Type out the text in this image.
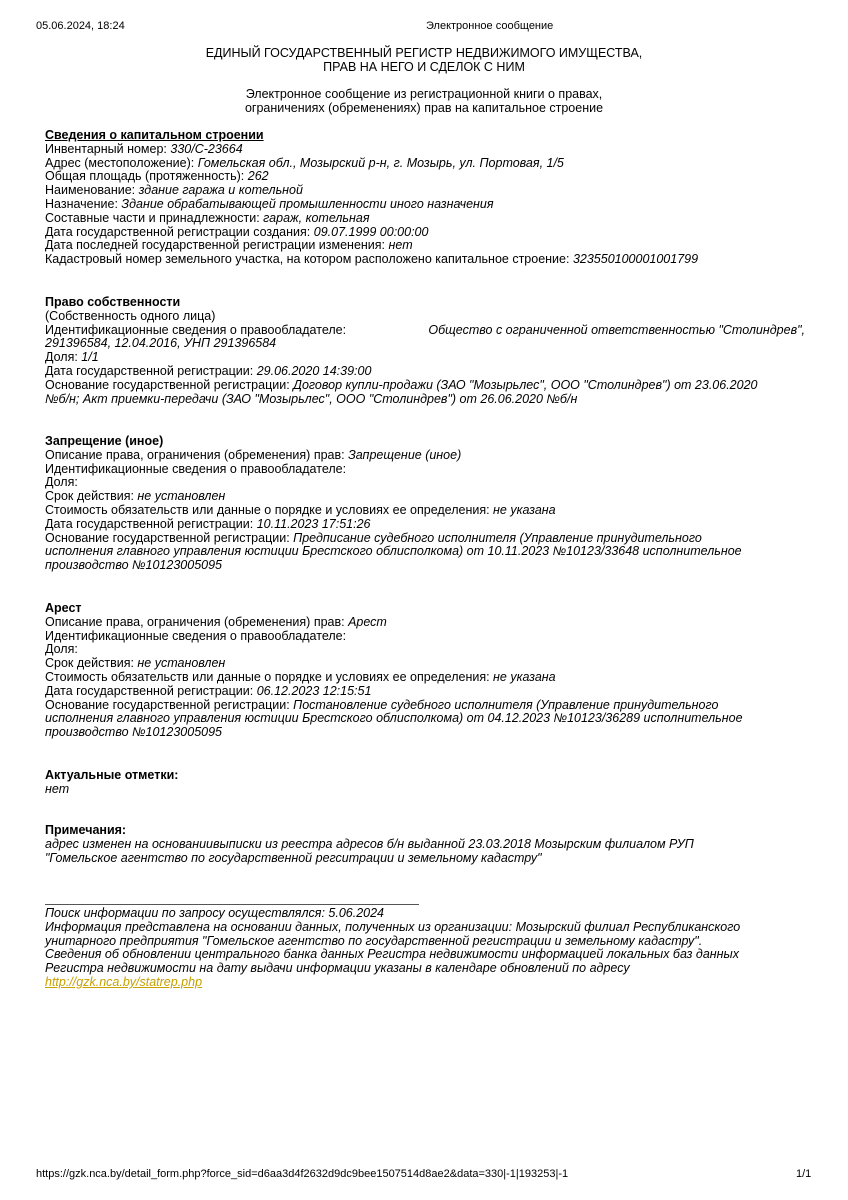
05.06.2024, 18:24	Электронное сообщение
ЕДИНЫЙ ГОСУДАРСТВЕННЫЙ РЕГИСТР НЕДВИЖИМОГО ИМУЩЕСТВА,
ПРАВ НА НЕГО И СДЕЛОК С НИМ
Электронное сообщение из регистрационной книги о правах,
ограничениях (обременениях) прав на капитальное строение
Сведения о капитальном строении
Инвентарный номер: 330/C-23664
Адрес (местоположение): Гомельская обл., Мозырский р-н, г. Мозырь, ул. Портовая, 1/5
Общая площадь (протяженность): 262
Наименование: здание гаража и котельной
Назначение: Здание обрабатывающей промышленности иного назначения
Составные части и принадлежности: гараж, котельная
Дата государственной регистрации создания: 09.07.1999 00:00:00
Дата последней государственной регистрации изменения: нет
Кадастровый номер земельного участка, на котором расположено капитальное строение: 323550100001001799
Право собственности
(Собственность одного лица)
Идентификационные сведения о правообладателе:	Общество с ограниченной ответственностью "Столиндрев",
291396584, 12.04.2016, УНП 291396584
Доля: 1/1
Дата государственной регистрации: 29.06.2020 14:39:00
Основание государственной регистрации: Договор купли-продажи (ЗАО "Мозырьлес", ООО "Столиндрев") от 23.06.2020
№б/н; Акт приемки-передачи (ЗАО "Мозырьлес", ООО "Столиндрев") от 26.06.2020 №б/н
Запрещение (иное)
Описание права, ограничения (обременения) прав: Запрещение (иное)
Идентификационные сведения о правообладателе:
Доля:
Срок действия: не установлен
Стоимость обязательств или данные о порядке и условиях ее определения: не указана
Дата государственной регистрации: 10.11.2023 17:51:26
Основание государственной регистрации: Предписание судебного исполнителя (Управление принудительного
исполнения главного управления юстиции Брестского облисполкома) от 10.11.2023 №10123/33648 исполнительное
производство №10123005095
Арест
Описание права, ограничения (обременения) прав: Арест
Идентификационные сведения о правообладателе:
Доля:
Срок действия: не установлен
Стоимость обязательств или данные о порядке и условиях ее определения: не указана
Дата государственной регистрации: 06.12.2023 12:15:51
Основание государственной регистрации: Постановление судебного исполнителя (Управление принудительного
исполнения главного управления юстиции Брестского облисполкома) от 04.12.2023 №10123/36289 исполнительное
производство №10123005095
Актуальные отметки:
нет
Примечания:
адрес изменен на основаниивыписки из реестра адресов б/н выданной 23.03.2018 Мозырским филиалом РУП
"Гомельское агентство по государственной регситрации и земельному кадастру"
Поиск информации по запросу осуществлялся: 5.06.2024
Информация представлена на основании данных, полученных из организации: Мозырский филиал Республиканского
унитарного предприятия "Гомельское агентство по государственной регистрации и земельному кадастру".
Сведения об обновлении центрального банка данных Регистра недвижимости информацией локальных баз данных
Регистра недвижимости на дату выдачи информации указаны в календаре обновлений по адресу
http://gzk.nca.by/statrep.php
https://gzk.nca.by/detail_form.php?force_sid=d6aa3d4f2632d9dc9bee1507514d8ae2&data=330|-1|193253|-1	1/1
